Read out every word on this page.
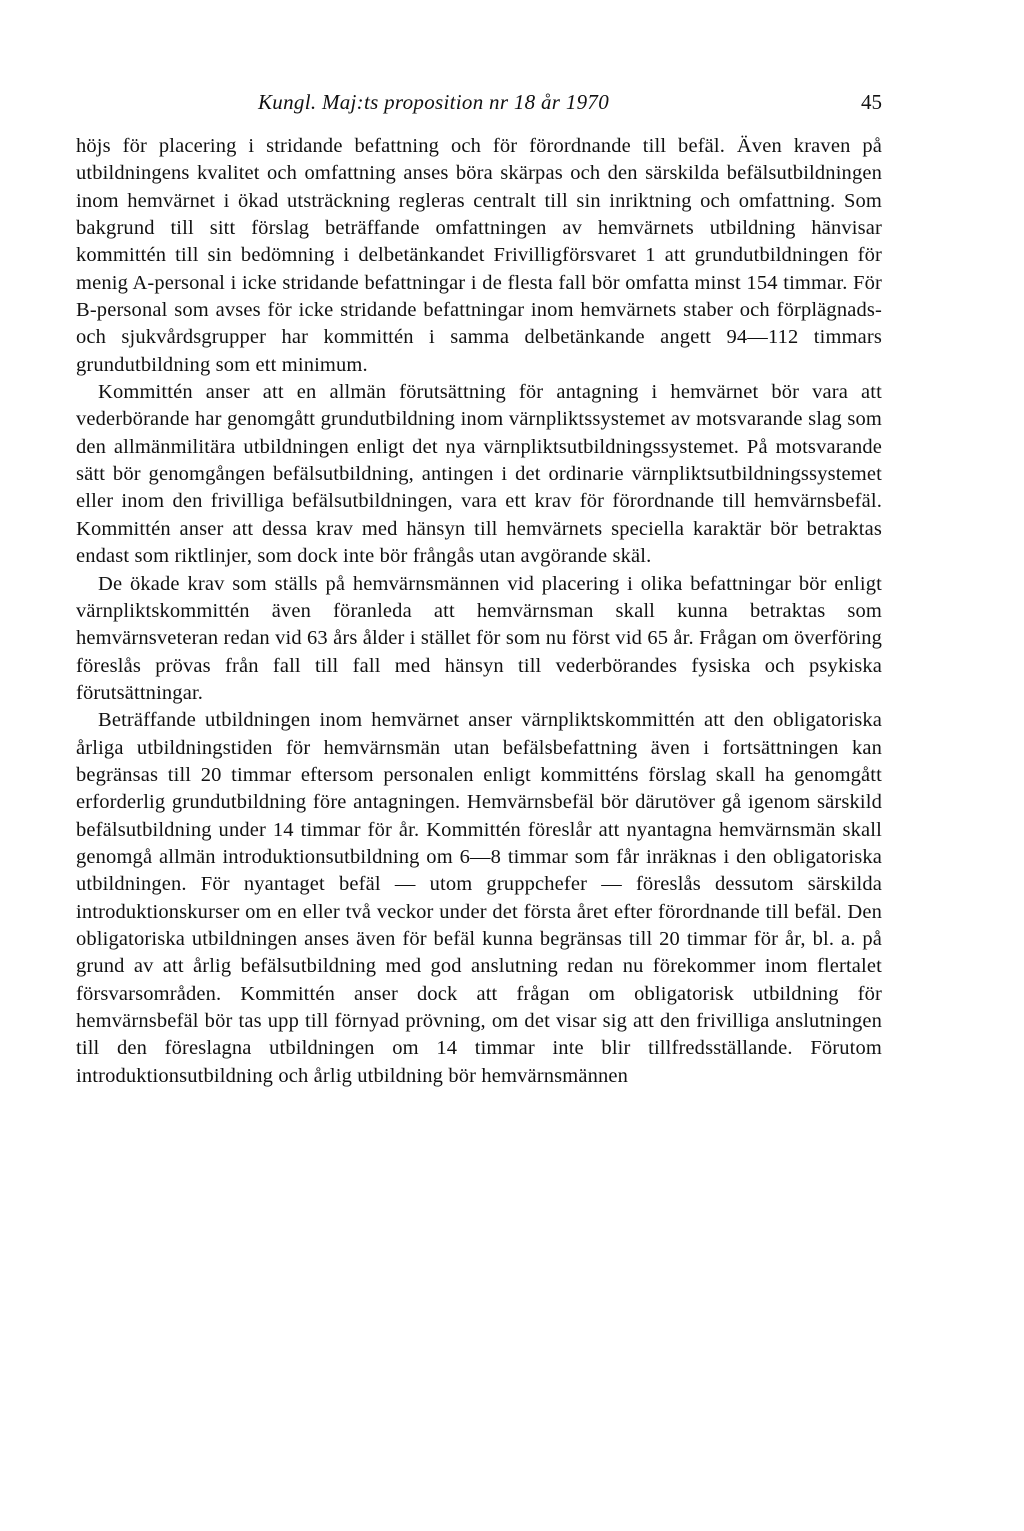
Kungl. Maj:ts proposition nr 18 år 1970	45

höjs för placering i stridande befattning och för förordnande till befäl. Även kraven på utbildningens kvalitet och omfattning anses böra skärpas och den särskilda befälsutbildningen inom hemvärnet i ökad utsträckning regleras centralt till sin inriktning och omfattning. Som bakgrund till sitt förslag beträffande omfattningen av hemvärnets utbildning hänvisar kommittén till sin bedömning i delbetänkandet Frivilligförsvaret 1 att grundutbildningen för menig A-personal i icke stridande befattningar i de flesta fall bör omfatta minst 154 timmar. För B-personal som avses för icke stridande befattningar inom hemvärnets staber och förplägnads- och sjukvårdsgrupper har kommittén i samma delbetänkande angett 94—112 timmars grundutbildning som ett minimum.

Kommittén anser att en allmän förutsättning för antagning i hemvärnet bör vara att vederbörande har genomgått grundutbildning inom värnpliktssystemet av motsvarande slag som den allmänmilitära utbildningen enligt det nya värnpliktsutbildningssystemet. På motsvarande sätt bör genomgången befälsutbildning, antingen i det ordinarie värnpliktsutbildningssystemet eller inom den frivilliga befälsutbildningen, vara ett krav för förordnande till hemvärnsbefäl. Kommittén anser att dessa krav med hänsyn till hemvärnets speciella karaktär bör betraktas endast som riktlinjer, som dock inte bör frångås utan avgörande skäl.

De ökade krav som ställs på hemvärnsmännen vid placering i olika befattningar bör enligt värnpliktskommittén även föranleda att hemvärnsman skall kunna betraktas som hemvärnsveteran redan vid 63 års ålder i stället för som nu först vid 65 år. Frågan om överföring föreslås prövas från fall till fall med hänsyn till vederbörandes fysiska och psykiska förutsättningar.

Beträffande utbildningen inom hemvärnet anser värnpliktskommittén att den obligatoriska årliga utbildningstiden för hemvärnsmän utan befälsbefattning även i fortsättningen kan begränsas till 20 timmar eftersom personalen enligt kommitténs förslag skall ha genomgått erforderlig grundutbildning före antagningen. Hemvärnsbefäl bör därutöver gå igenom särskild befälsutbildning under 14 timmar för år. Kommittén föreslår att nyantagna hemvärnsmän skall genomgå allmän introduktionsutbildning om 6—8 timmar som får inräknas i den obligatoriska utbildningen. För nyantaget befäl — utom gruppchefer — föreslås dessutom särskilda introduktionskurser om en eller två veckor under det första året efter förordnande till befäl. Den obligatoriska utbildningen anses även för befäl kunna begränsas till 20 timmar för år, bl. a. på grund av att årlig befälsutbildning med god anslutning redan nu förekommer inom flertalet försvarsområden. Kommittén anser dock att frågan om obligatorisk utbildning för hemvärnsbefäl bör tas upp till förnyad prövning, om det visar sig att den frivilliga anslutningen till den föreslagna utbildningen om 14 timmar inte blir tillfredsställande. Förutom introduktionsutbildning och årlig utbildning bör hemvärnsmännen
